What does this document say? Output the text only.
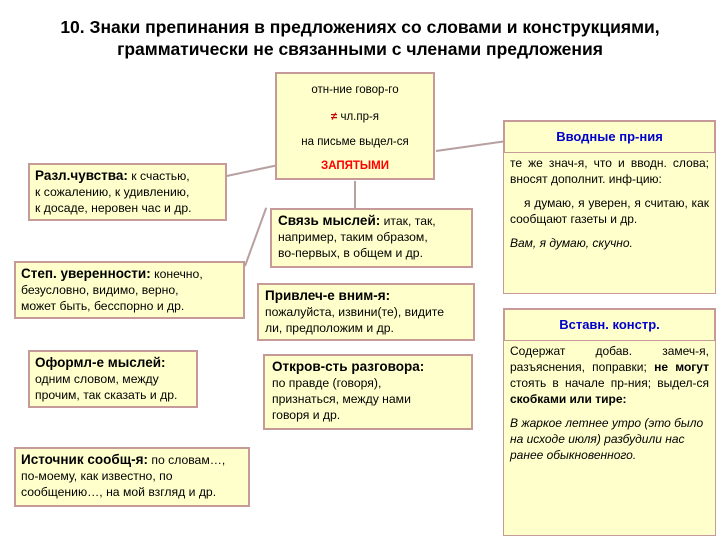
10. Знаки препинания в предложениях со словами и конструкциями,
грамматически не связанными с членами предложения
отн-ние говор-го
≠ чл.пр-я
на письме выдел-ся
ЗАПЯТЫМИ
Разл.чувства: к счастью,
к сожалению, к удивлению,
к досаде, неровен час и др.
Степ. уверенности: конечно,
безусловно, видимо, верно,
может быть, бесспорно и др.
Оформл-е мыслей:
одним словом, между
прочим, так сказать и др.
Источник сообщ-я: по словам…,
по-моему, как известно, по
сообщению…, на мой взгляд и др.
Связь мыслей: итак, так,
например, таким образом,
во-первых, в общем и др.
Привлеч-е вним-я:
пожалуйста, извини(те), видите
ли, предположим и др.
Откров-сть разговора:
по правде (говоря),
признаться, между нами
говоря и др.
Вводные пр-ния
те же знач-я, что и вводн. слова; вносят дополнит. инф-цию:
я думаю, я уверен, я считаю, как сообщают газеты и др.
Вам, я думаю, скучно.
Вставн. констр.
Содержат добав. замеч-я, разъяснения, поправки; не могут стоять в начале пр-ния; выдел-ся скобками или тире:
В жаркое летнее утро (это было на исходе июля) разбудили нас ранее обыкновенного.
